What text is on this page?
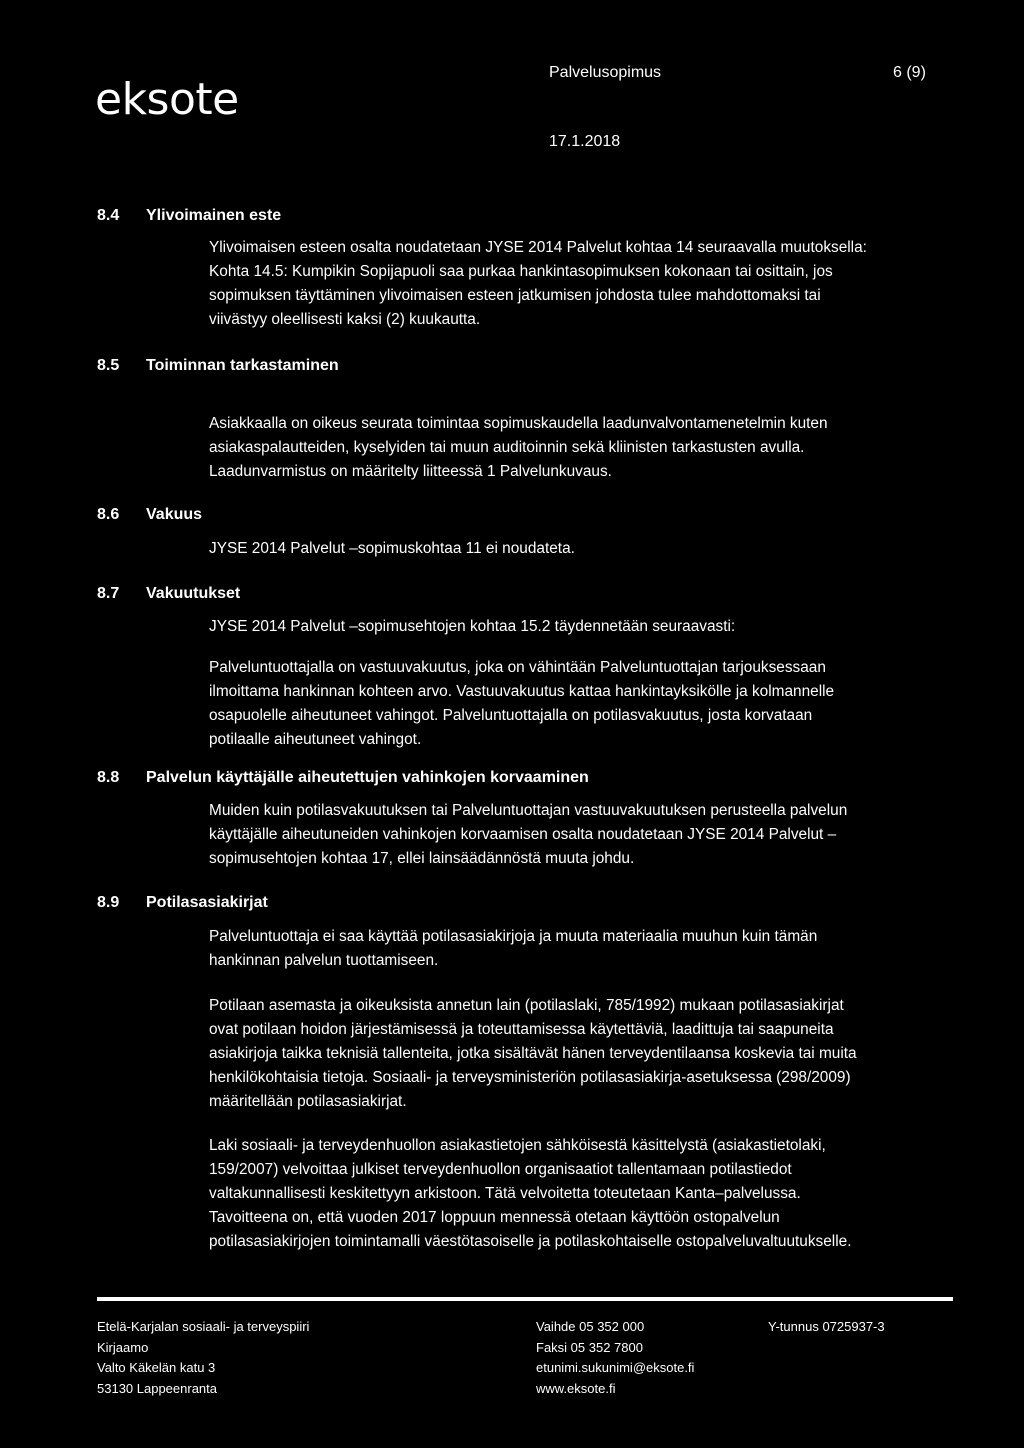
eksote
Palvelusopimus	6 (9)
17.1.2018
8.4 Ylivoimainen este
Ylivoimaisen esteen osalta noudatetaan JYSE 2014 Palvelut kohtaa 14 seuraavalla muutoksella:
Kohta 14.5: Kumpikin Sopijapuoli saa purkaa hankintasopimuksen kokonaan tai osittain, jos
sopimuksen täyttäminen ylivoimaisen esteen jatkumisen johdosta tulee mahdottomaksi tai
viivästyy oleellisesti kaksi (2) kuukautta.
8.5 Toiminnan tarkastaminen
Asiakkaalla on oikeus seurata toimintaa sopimuskaudella laadunvalvontamenetelmin kuten
asiakaspalautteiden, kyselyiden tai muun auditoinnin sekä kliinisten tarkastusten avulla.
Laadunvarmistus on määritelty liitteessä 1 Palvelunkuvaus.
8.6 Vakuus
JYSE 2014 Palvelut –sopimuskohtaa 11 ei noudateta.
8.7 Vakuutukset
JYSE 2014 Palvelut –sopimusehtojen kohtaa 15.2 täydennetään seuraavasti:
Palveluntuottajalla on vastuuvakuutus, joka on vähintään Palveluntuottajan tarjouksessaan
ilmoittama hankinnan kohteen arvo. Vastuuvakuutus kattaa hankintayksikölle ja kolmannelle
osapuolelle aiheutuneet vahingot. Palveluntuottajalla on potilasvakuutus, josta korvataan
potilaalle aiheutuneet vahingot.
8.8 Palvelun käyttäjälle aiheutettujen vahinkojen korvaaminen
Muiden kuin potilasvakuutuksen tai Palveluntuottajan vastuuvakuutuksen perusteella palvelun
käyttäjälle aiheutuneiden vahinkojen korvaamisen osalta noudatetaan JYSE 2014 Palvelut –
sopimusehtojen kohtaa 17, ellei lainsäädännöstä muuta johdu.
8.9 Potilasasiakirjat
Palveluntuottaja ei saa käyttää potilasasiakirjoja ja muuta materiaalia muuhun kuin tämän
hankinnan palvelun tuottamiseen.
Potilaan asemasta ja oikeuksista annetun lain (potilaslaki, 785/1992) mukaan potilasasiakirjat
ovat potilaan hoidon järjestämisessä ja toteuttamisessa käytettäviä, laadittuja tai saapuneita
asiakirjoja taikka teknisiä tallenteita, jotka sisältävät hänen terveydentilaansa koskevia tai muita
henkilökohtaisia tietoja. Sosiaali- ja terveysministeriön potilasasiakirja-asetuksessa (298/2009)
määritellään potilasasiakirjat.
Laki sosiaali- ja terveydenhuollon asiakastietojen sähköisestä käsittelystä (asiakastietolaki,
159/2007) velvoittaa julkiset terveydenhuollon organisaatiot tallentamaan potilastiedot
valtakunnallisesti keskitettyyn arkistoon. Tätä velvoitetta toteutetaan Kanta–palvelussa.
Tavoitteena on, että vuoden 2017 loppuun mennessä otetaan käyttöön ostopalvelun
potilasasiakirjojen toimintamalli väestötasoiselle ja potilaskohtaiselle ostopalveluvaltuutukselle.
Etelä-Karjalan sosiaali- ja terveyspiiri
Kirjaamo
Valto Käkelän katu 3
53130 Lappeenranta
Vaihde 05 352 000
Faksi 05 352 7800
etunimi.sukunimi@eksote.fi
www.eksote.fi
Y-tunnus 0725937-3
